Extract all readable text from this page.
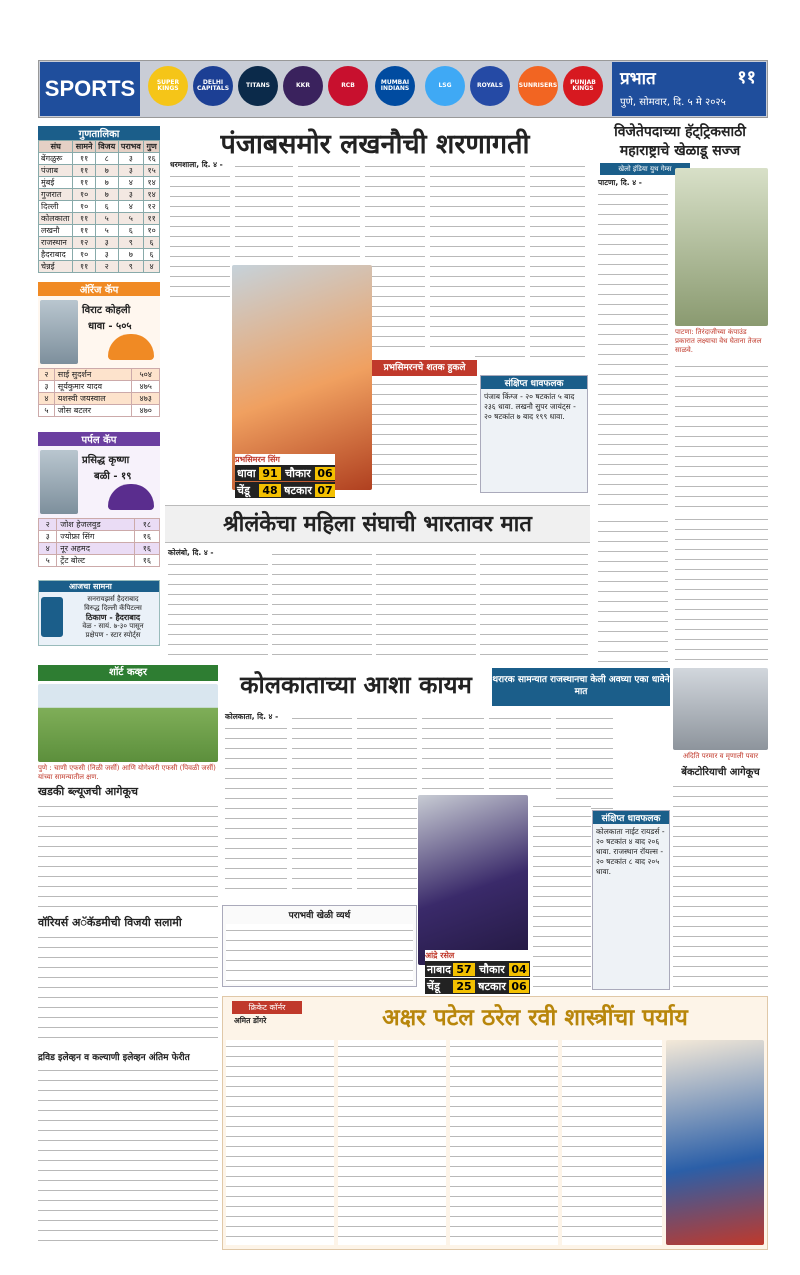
SPORTS	SUPER KINGS
DELHI CAPITALS	TITANS	KKR	RCB	MUMBAI INDIANS	LSG	ROYALS	SUNRISERS	PUNJAB KINGS	प्रभात	११
पुणे, सोमवार, दि. ५ मे २०२५
गुणतालिका
संघ	सामने	विजय	पराभव	गुण
बेंगळुरू	११	८	३	१६
पंजाब	११	७	३	१५
मुंबई	११	७	४	१४
गुजरात	१०	७	३	१४
दिल्ली	१०	६	४	१२
कोलकाता	११	५	५	११
लखनौ	११	५	६	१०
राजस्थान	१२	३	९	६
हैदराबाद	१०	३	७	६
चेन्नई	११	२	९	४
ऑरेंज कॅप
विराट कोहली
धावा - ५०५
२	साई सुदर्शन	५०४
३	सूर्यकुमार यादव	४७५
४	यशस्वी जयस्वाल	४७३
५	जोस बटलर	४७०
पर्पल कॅप
प्रसिद्ध कृष्णा
बळी - १९
२	जोश हेजलवुड	१८
३	ज्योफ्रा सिंग	१६
४	नूर अहमद	१६
५	ट्रेंट बोल्ट	१६
आजचा सामना
सनरायझर्स हैदराबाद
विरुद्ध दिल्ली कॅपिटल्स
ठिकाण - हैदराबाद
वेळ - सायं. ७-३० पासून
प्रक्षेपण - स्टार स्पोर्ट्स
पंजाबसमोर लखनौची शरणागती
धरमशाला, दि. ४ -
प्रभसिमरनचे शतक हुकले
प्रभसिमरन सिंग
धावा 91 चौकार 06
चेंडू	48 षटकार 07
संक्षिप्त धावफलक
पंजाब किंग्ज - २० षटकांत ५ बाद २३६ धावा. लखनौ सुपर जायंट्स - २० षटकांत ७ बाद १९९ धावा.
विजेतेपदाच्या हॅट्ट्रिकसाठी
महाराष्ट्राचे खेळाडू सज्ज
खेलो इंडिया युथ गेम्स
पाटणा, दि. ४ -
पाटणा: तिरंदाजीच्या कंपाउंड प्रकारात लक्ष्याचा वेध घेताना तेजल साळवे.
श्रीलंकेचा महिला संघाची भारतावर मात
कोलंबो, दि. ४ -
शॉर्ट कव्हर
पुणे : चाणी एफसी (निळी जर्सी) आणि योगेश्वरी एफसी (पिवळी जर्सी) यांच्या सामन्यातील क्षण.
खडकी ब्ल्यूजची आगेकूच
वॉरियर्स अॅकॅडमीची विजयी सलामी
द्रविड इलेव्हन व कल्याणी इलेव्हन अंतिम फेरीत
कोलकाताच्या आशा कायम	थरारक सामन्यात राजस्थानचा केली अवघ्या एका धावेने मात
कोलकाता, दि. ४ -
आंद्रे रसेल
नाबाद 57 चौकार 04
चेंडू	25 षटकार 06
पराभवी खेळी व्यर्थ
संक्षिप्त धावफलक
कोलकाता नाईट रायडर्स - २० षटकांत ४ बाद २०६ धावा. राजस्थान रॉयल्स - २० षटकांत ८ बाद २०५ धावा.
अदिति परमार व मृणाली पवार
बेंकटोरियाची आगेकूच
क्रिकेट कॉर्नर
अमित डोंगरे	अक्षर पटेल ठरेल रवी शास्त्रींचा पर्याय
